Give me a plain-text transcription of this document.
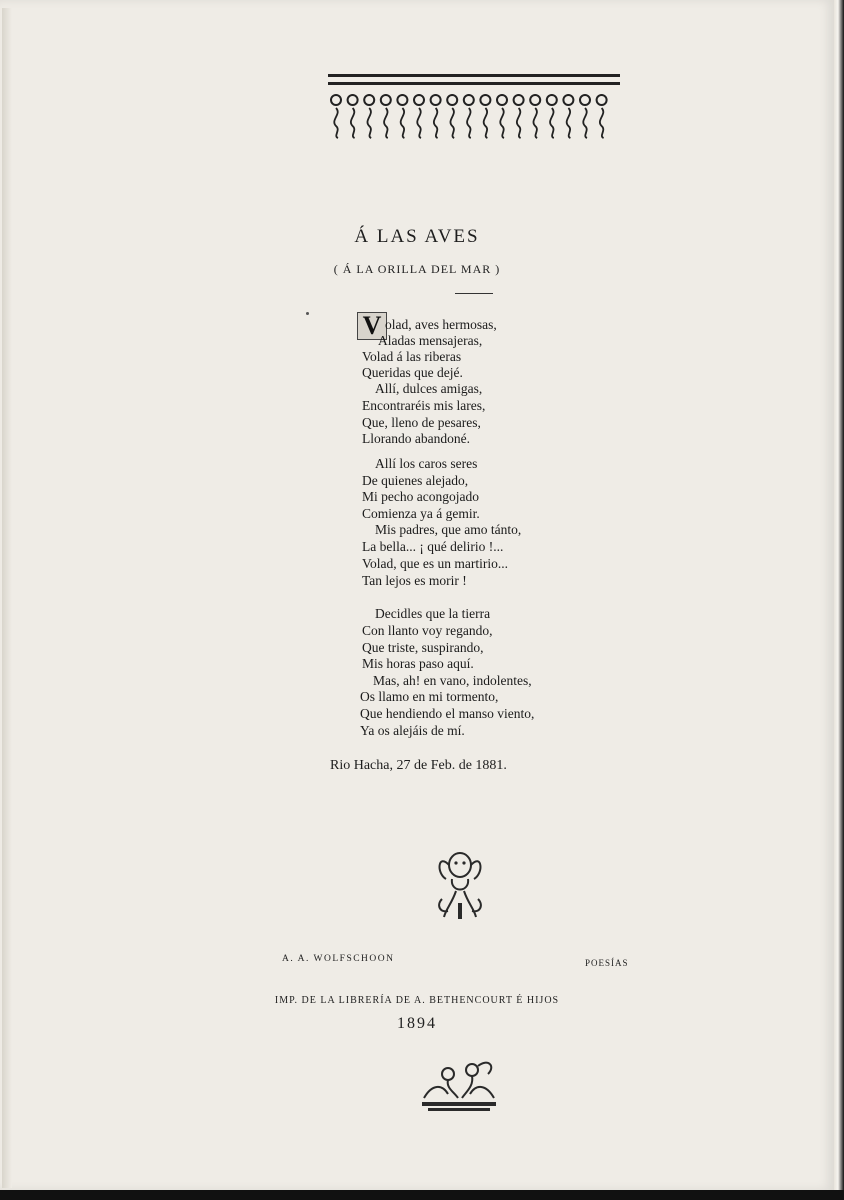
Á LAS AVES
( Á LA ORILLA DEL MAR )
V olad, aves hermosas,
Aladas mensajeras,
Volad á las riberas
Queridas que dejé.
Allí, dulces amigas,
Encontraréis mis lares,
Que, lleno de pesares,
Llorando abandoné.
Allí los caros seres
De quienes alejado,
Mi pecho acongojado
Comienza ya á gemir.
Mis padres, que amo tánto,
La bella... ¡ qué delirio !...
Volad, que es un martirio...
Tan lejos es morir !
Decidles que la tierra
Con llanto voy regando,
Que triste, suspirando,
Mis horas paso aquí.
Mas, ah! en vano, indolentes,
Os llamo en mi tormento,
Que hendiendo el manso viento,
Ya os alejáis de mí.
Rio Hacha, 27 de Feb. de 1881.
A. A. WOLFSCHOON	POESÍAS
IMP. DE LA LIBRERÍA DE A. BETHENCOURT É HIJOS
1894
